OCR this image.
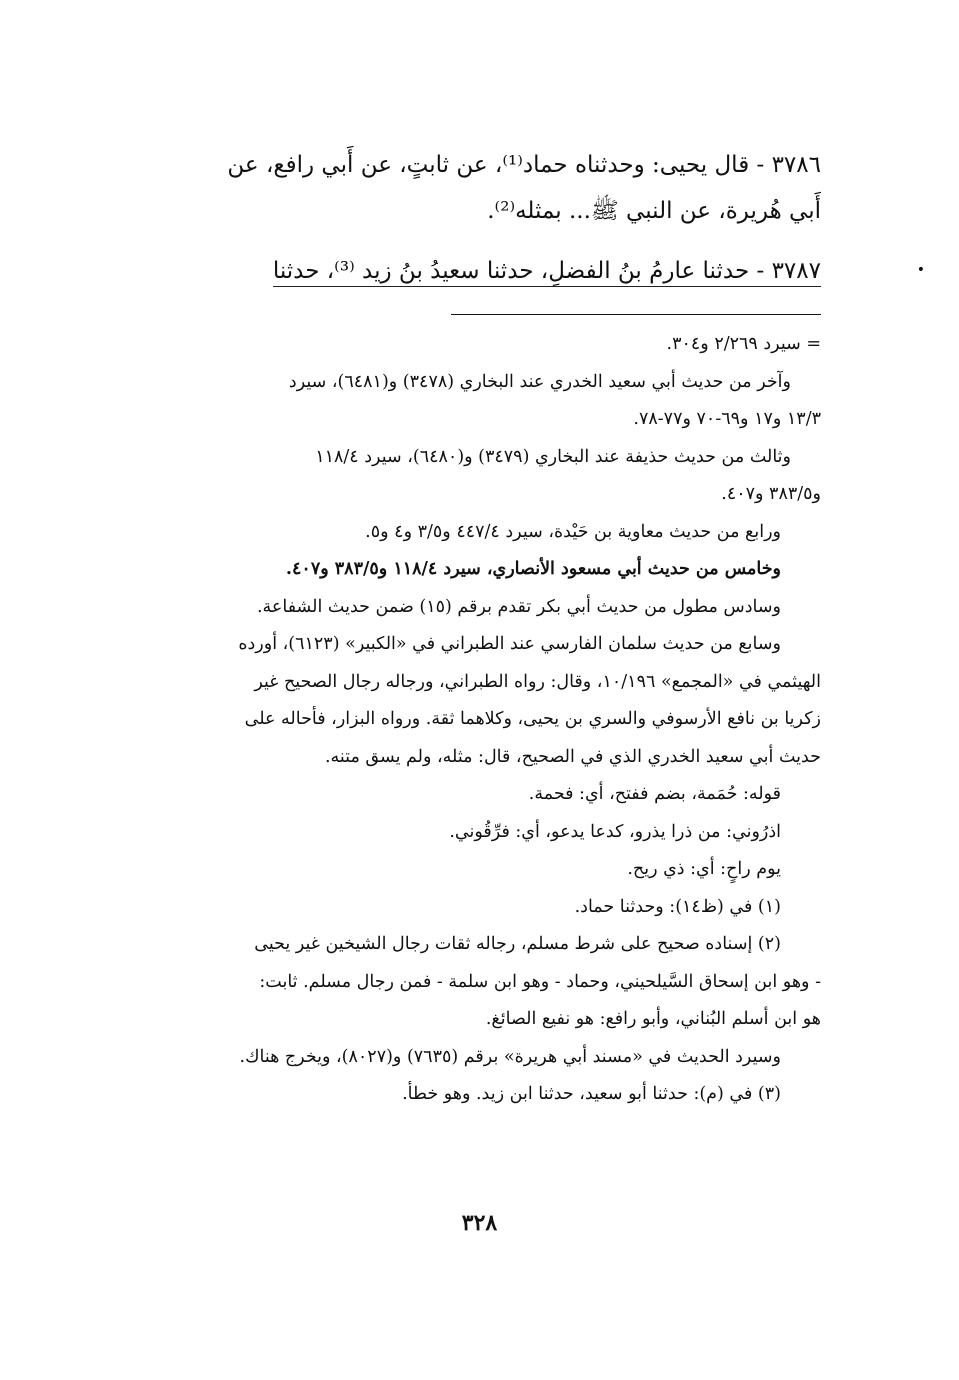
٣٧٨٦ - قال يحيى: وحدثناه حماد⁽¹⁾، عن ثابتٍ، عن أَبي رافع، عن

أَبي هُريرة، عن النبي ﷺ... بمثله⁽²⁾.

٣٧٨٧ - حدثنا عارمُ بنُ الفضلِ، حدثنا سعيدُ بنُ زيد ⁽³⁾، حدثنا	•

= سيرد ٢/٢٦٩ و٣٠٤.

وآخر من حديث أبي سعيد الخدري عند البخاري (٣٤٧٨) و(٦٤٨١)، سيرد

١٣/٣ و١٧ و٦٩-٧٠ و٧٧-٧٨.

وثالث من حديث حذيفة عند البخاري (٣٤٧٩) و(٦٤٨٠)، سيرد ١١٨/٤

و٣٨٣/٥ و٤٠٧.

ورابع من حديث معاوية بن حَيْدة، سيرد ٤٤٧/٤ و٣/٥ و٤ و٥.

وخامس من حديث أبي مسعود الأنصاري، سيرد ١١٨/٤ و٣٨٣/٥ و٤٠٧.

وسادس مطول من حديث أبي بكر تقدم برقم (١٥) ضمن حديث الشفاعة.

وسابع من حديث سلمان الفارسي عند الطبراني في «الكبير» (٦١٢٣)، أورده

الهيثمي في «المجمع» ١٠/١٩٦، وقال: رواه الطبراني، ورجاله رجال الصحيح غير

زكريا بن نافع الأرسوفي والسري بن يحيى، وكلاهما ثقة. ورواه البزار، فأحاله على

حديث أبي سعيد الخدري الذي في الصحيح، قال: مثله، ولم يسق متنه.

قوله: حُمَمة، بضم ففتح، أي: فحمة.

اذرُوني: من ذرا يذرو، كدعا يدعو، أي: فرِّقُوني.

يوم راحٍ: أي: ذي ريح.

(١) في (ظ١٤): وحدثنا حماد.

(٢) إسناده صحيح على شرط مسلم، رجاله ثقات رجال الشيخين غير يحيى

- وهو ابن إسحاق السَّيلحيني، وحماد - وهو ابن سلمة - فمن رجال مسلم. ثابت:

هو ابن أسلم البُناني، وأبو رافع: هو نفيع الصائغ.

وسيرد الحديث في «مسند أبي هريرة» برقم (٧٦٣٥) و(٨٠٢٧)، ويخرج هناك.

(٣) في (م): حدثنا أبو سعيد، حدثنا ابن زيد. وهو خطأ.

٣٢٨
